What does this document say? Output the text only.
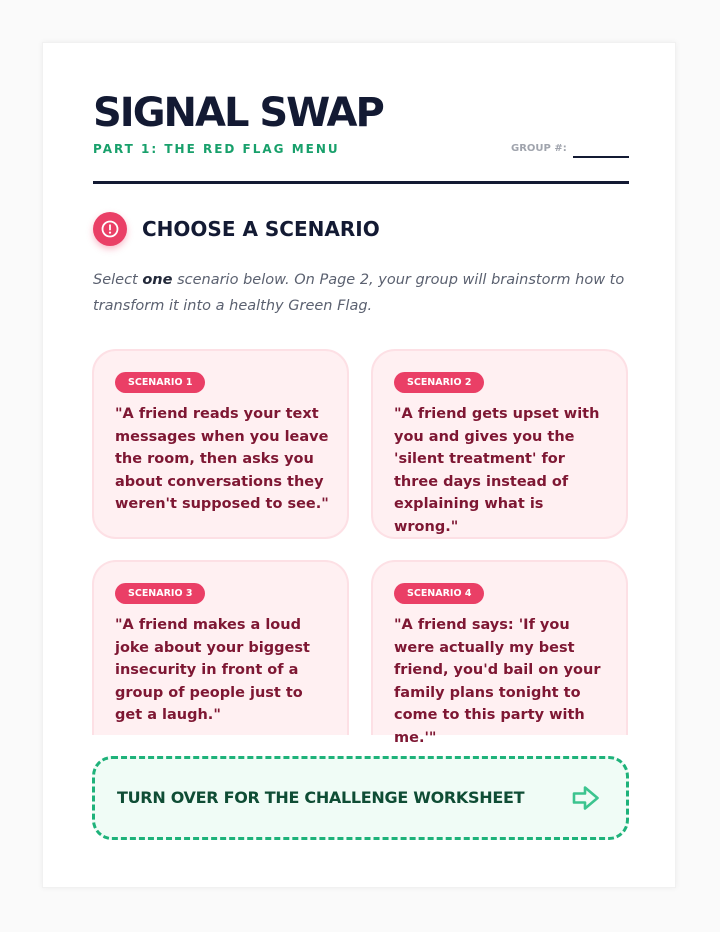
SIGNAL SWAP
PART 1: THE RED FLAG MENU	GROUP #:
CHOOSE A SCENARIO

Select one scenario below. On Page 2, your group will brainstorm how to transform it into a healthy Green Flag.

SCENARIO 1
"A friend reads your text messages when you leave the room, then asks you about conversations they weren't supposed to see."
SCENARIO 2
"A friend gets upset with you and gives you the 'silent treatment' for three days instead of explaining what is wrong."
SCENARIO 3
"A friend makes a loud joke about your biggest insecurity in front of a group of people just to get a laugh."
SCENARIO 4
"A friend says: 'If you were actually my best friend, you'd bail on your family plans tonight to come to this party with me.'"
TURN OVER FOR THE CHALLENGE WORKSHEET
